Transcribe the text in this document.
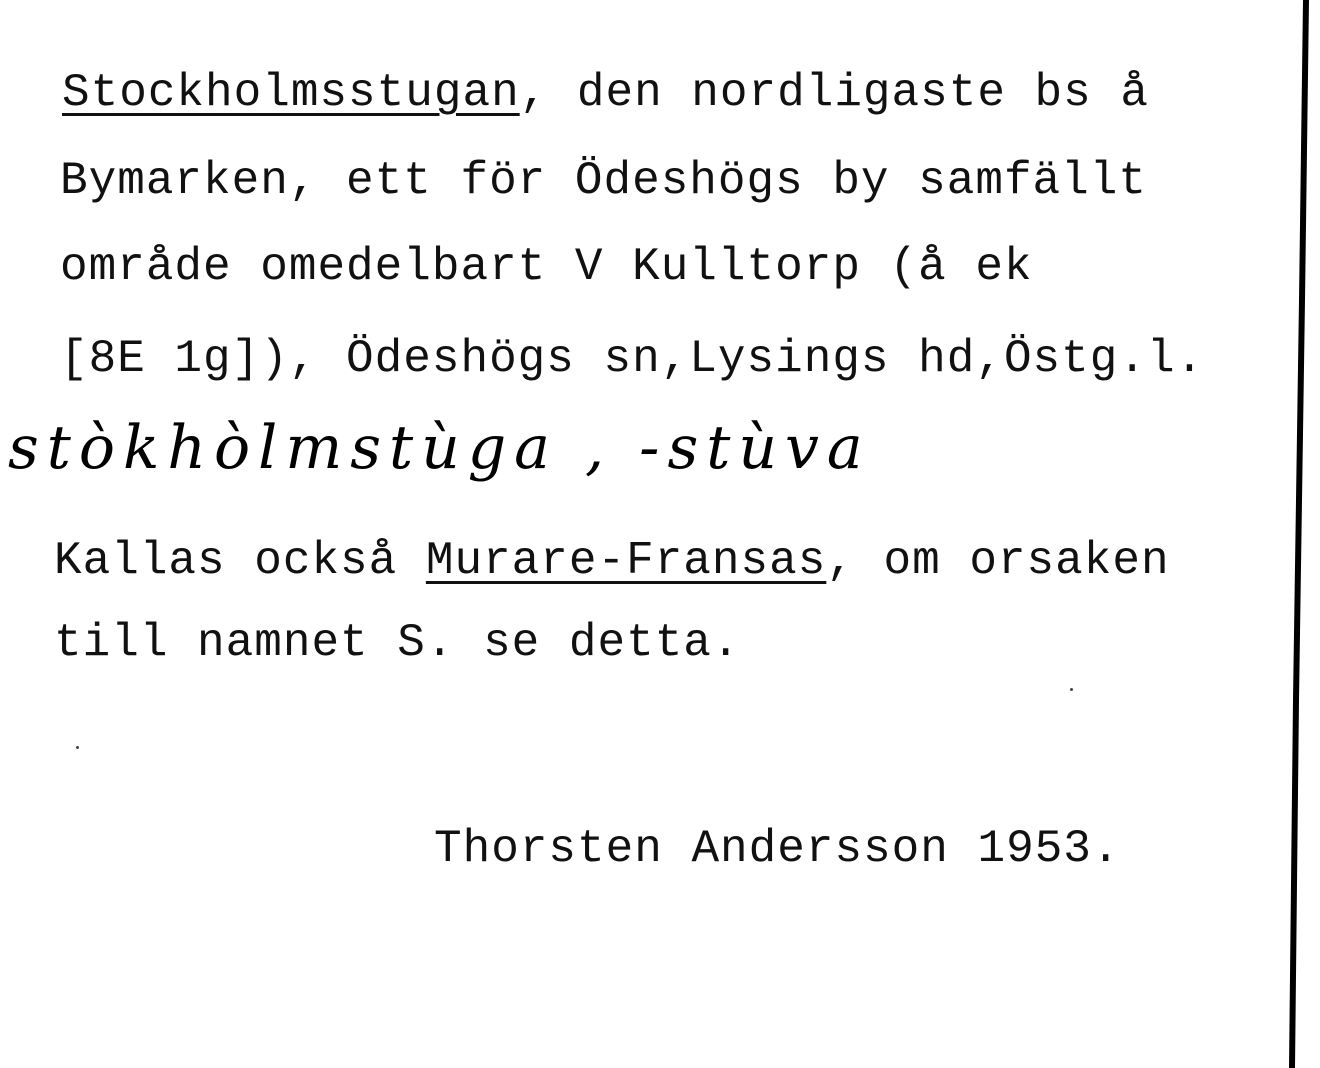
Stockholmsstugan, den nordligaste bs å
Bymarken, ett för Ödeshögs by samfällt
område omedelbart V Kulltorp (å ek
[8E 1g]), Ödeshögs sn,Lysings hd,Östg.l.
stòkhòlmstùga , -stùva
Kallas också Murare-Fransas, om orsaken
till namnet S. se detta.
Thorsten Andersson 1953.
